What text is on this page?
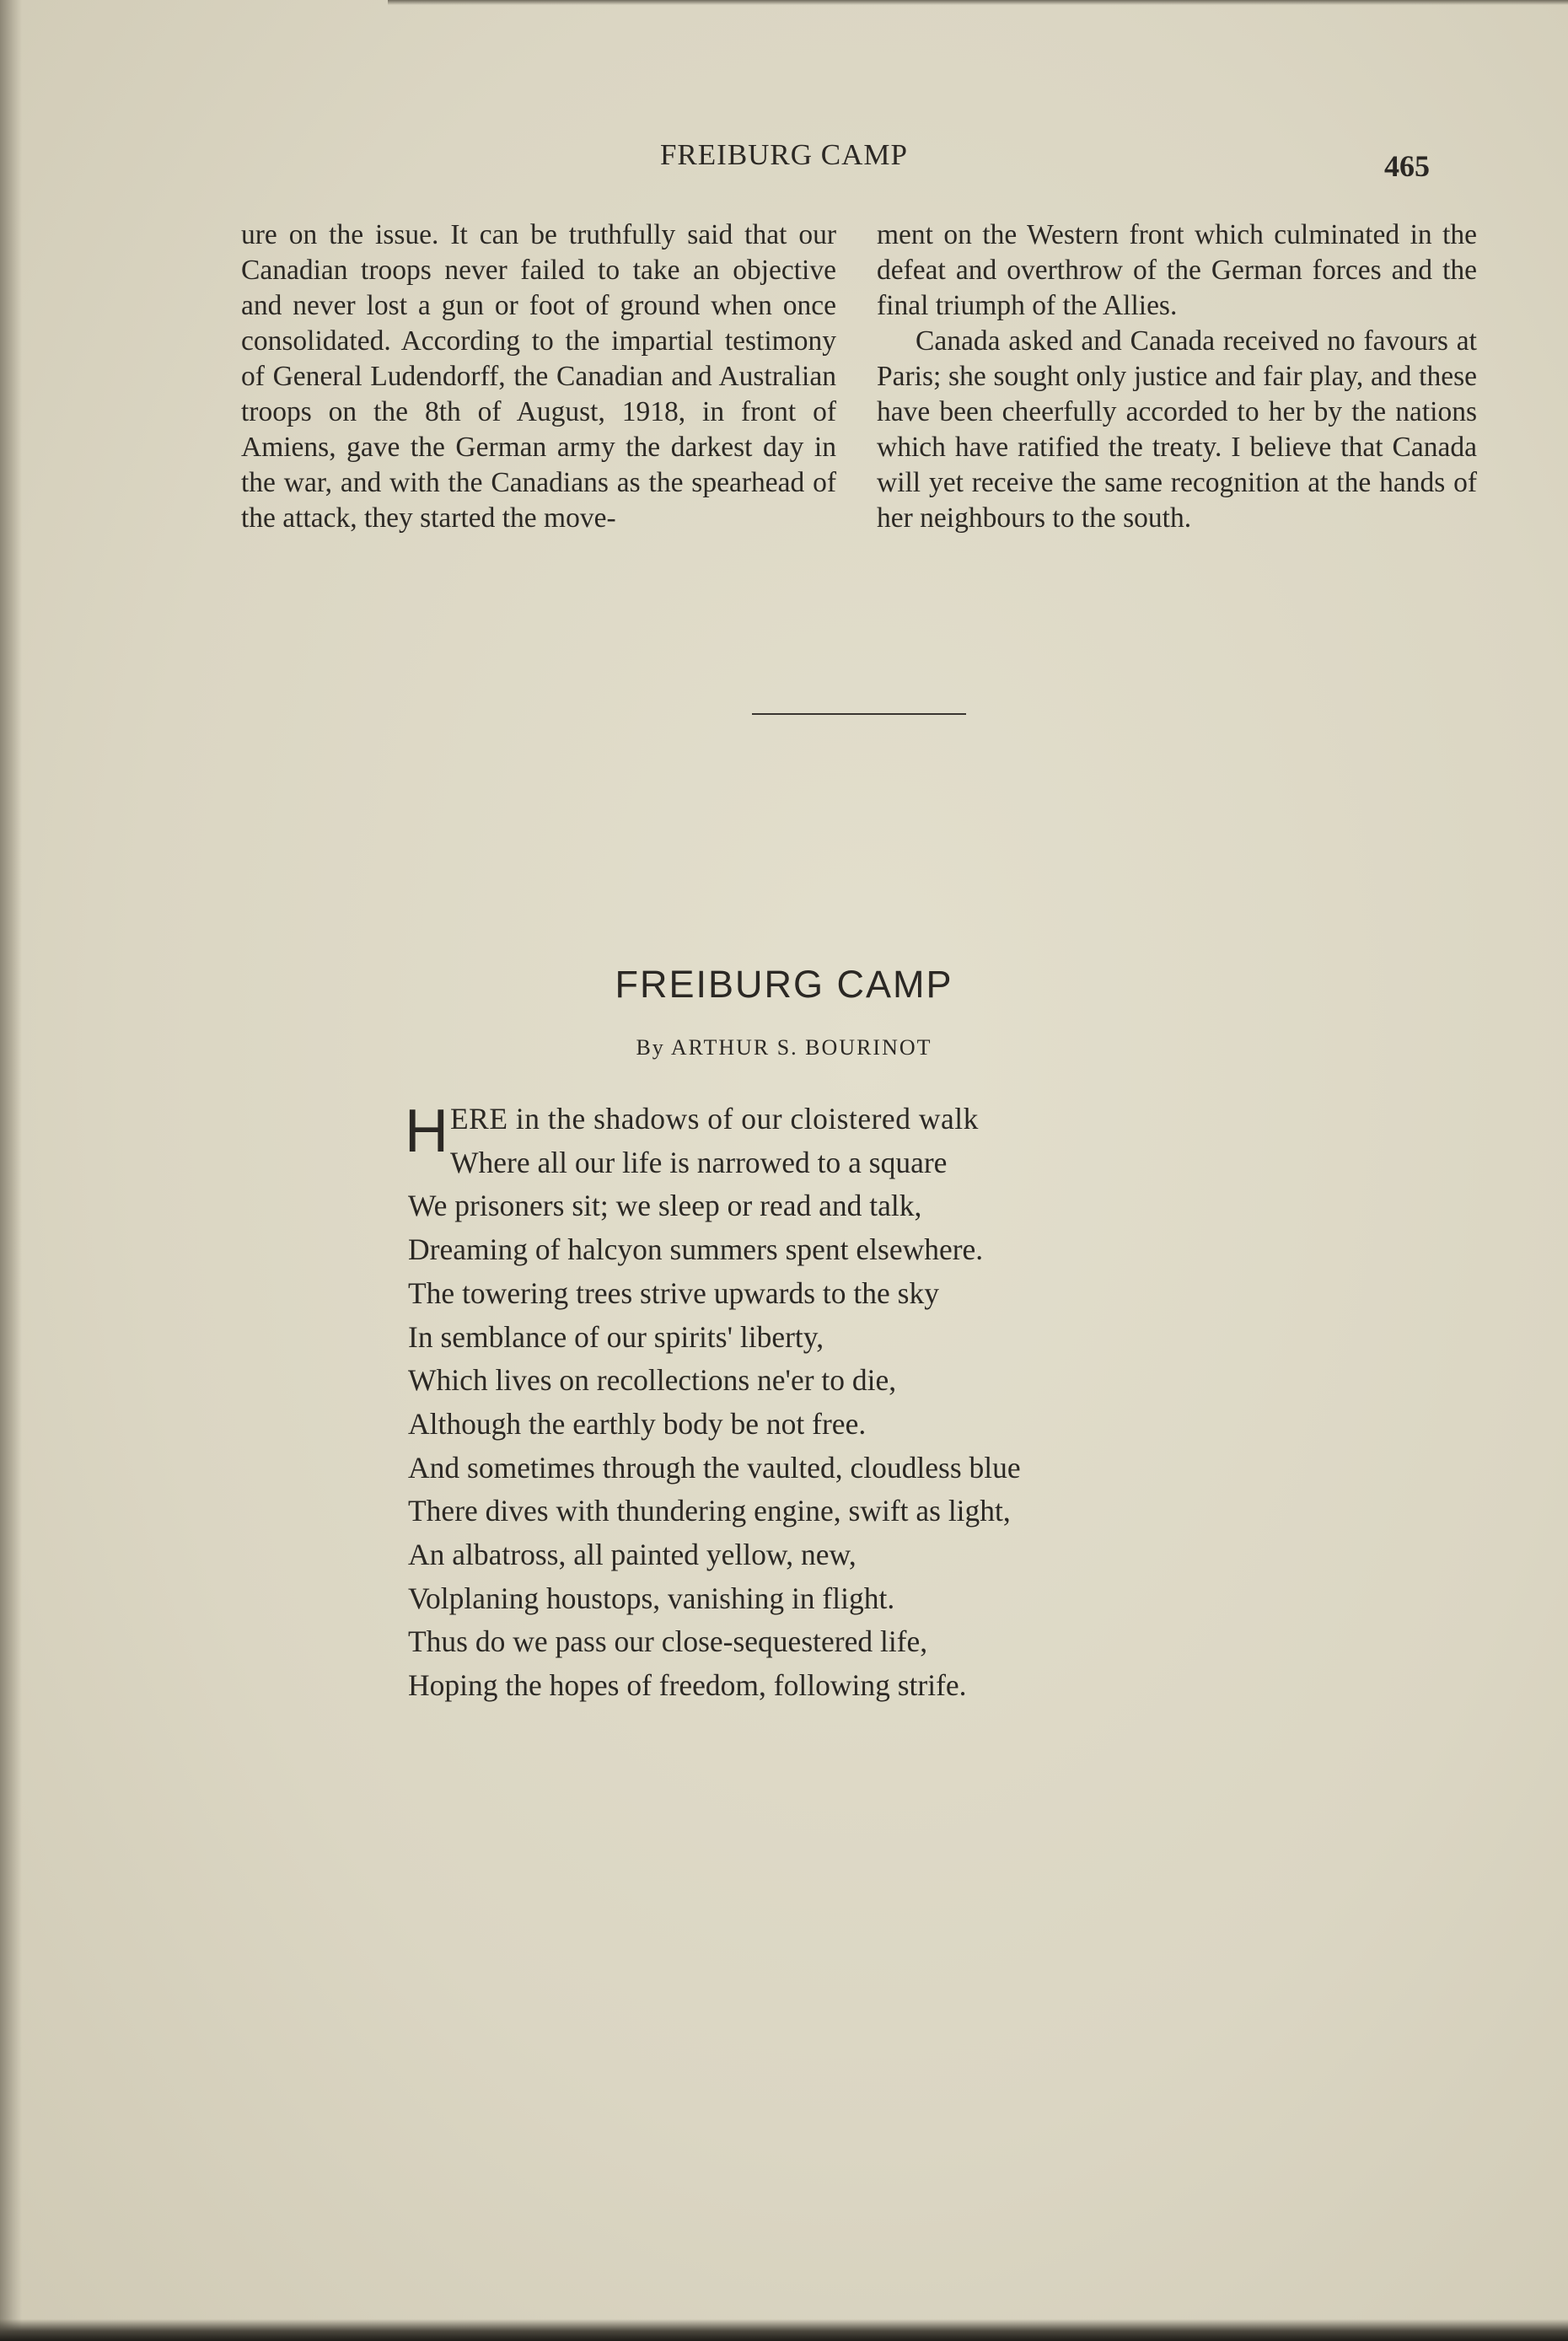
FREIBURG CAMP	465

ure on the issue. It can be truthfully said that our Canadian troops never failed to take an objective and never lost a gun or foot of ground when once consolidated. According to the impartial testimony of General Ludendorff, the Canadian and Australian troops on the 8th of August, 1918, in front of Amiens, gave the German army the darkest day in the war, and with the Canadians as the spearhead of the attack, they started the move-

ment on the Western front which culminated in the defeat and overthrow of the German forces and the final triumph of the Allies.

Canada asked and Canada received no favours at Paris; she sought only justice and fair play, and these have been cheerfully accorded to her by the nations which have ratified the treaty. I believe that Canada will yet receive the same recognition at the hands of her neighbours to the south.

FREIBURG CAMP
By ARTHUR S. BOURINOT
H ERE in the shadows of our cloistered walk
Where all our life is narrowed to a square
We prisoners sit; we sleep or read and talk,
Dreaming of halcyon summers spent elsewhere.
The towering trees strive upwards to the sky
In semblance of our spirits' liberty,
Which lives on recollections ne'er to die,
Although the earthly body be not free.
And sometimes through the vaulted, cloudless blue
There dives with thundering engine, swift as light,
An albatross, all painted yellow, new,
Volplaning houstops, vanishing in flight.
Thus do we pass our close-sequestered life,
Hoping the hopes of freedom, following strife.
